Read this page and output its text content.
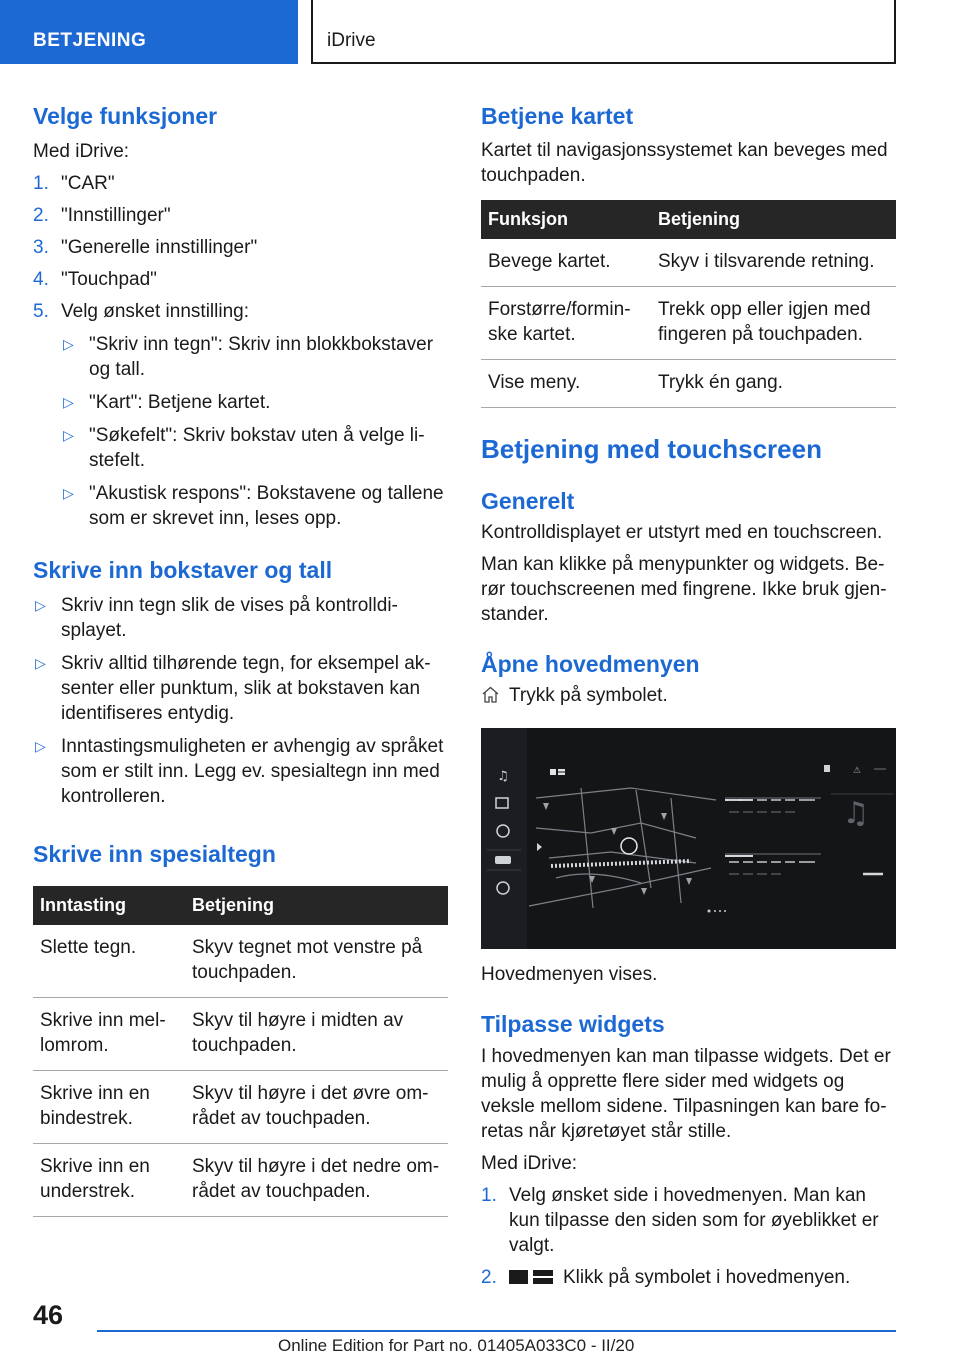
BETJENING	iDrive
Velge funksjoner

Med iDrive:

1. "CAR"
2. "Innstillinger"
3. "Generelle innstillinger"
4. "Touchpad"
5. Velg ønsket innstilling:
▷ "Skriv inn tegn": Skriv inn blokkbokstaver og tall.
▷ "Kart": Betjene kartet.
▷ "Søkefelt": Skriv bokstav uten å velge listefelt.
▷ "Akustisk respons": Bokstavene og tallene som er skrevet inn, leses opp.
Skrive inn bokstaver og tall
▷ Skriv inn tegn slik de vises på kontrolldisplayet.
▷ Skriv alltid tilhørende tegn, for eksempel aksenter eller punktum, slik at bokstaven kan identifiseres entydig.
▷ Inntastingsmuligheten er avhengig av språket som er stilt inn. Legg ev. spesialtegn inn med kontrolleren.
Skrive inn spesialtegn
Inntasting	Betjening
Slette tegn.	Skyv tegnet mot venstre på touchpaden.
Skrive inn mellomrom.	Skyv til høyre i midten av touchpaden.
Skrive inn en bindestrek.	Skyv til høyre i det øvre området av touchpaden.
Skrive inn en understrek.	Skyv til høyre i det nedre området av touchpaden.
Betjene kartet

Kartet til navigasjonssystemet kan beveges med touchpaden.

Funksjon	Betjening
Bevege kartet.	Skyv i tilsvarende retning.
Forstørre/forminske kartet.	Trekk opp eller igjen med fingeren på touchpaden.
Vise meny.	Trykk én gang.
Betjening med touchscreen
Generelt

Kontrolldisplayet er utstyrt med en touchscreen.

Man kan klikke på menypunkter og widgets. Berør touchscreenen med fingrene. Ikke bruk gjenstander.

Åpne hovedmenyen
Trykk på symbolet.
♫	⚠
♫

Hovedmenyen vises.

Tilpasse widgets

I hovedmenyen kan man tilpasse widgets. Det er mulig å opprette flere sider med widgets og veksle mellom sidene. Tilpasningen kan bare foretas når kjøretøyet står stille.

Med iDrive:

1. Velg ønsket side i hovedmenyen. Man kan kun tilpasse den siden som for øyeblikket er valgt.
2.	Klikk på symbolet i hovedmenyen.
46
Online Edition for Part no. 01405A033C0 - II/20
